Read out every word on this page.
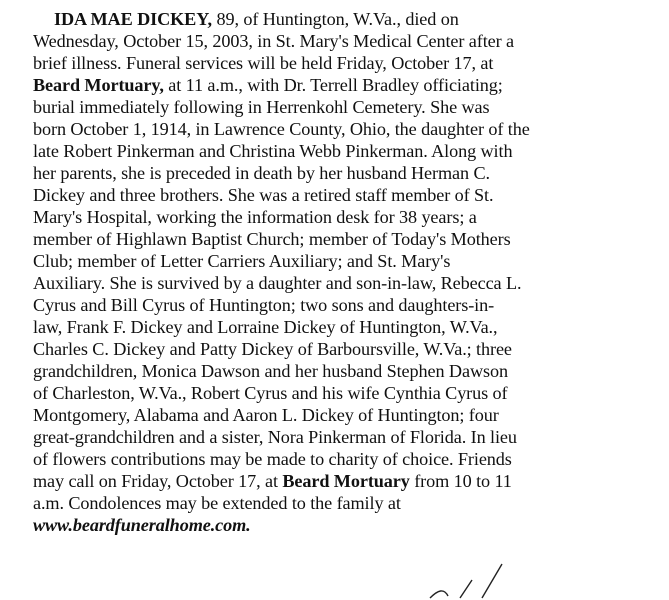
IDA MAE DICKEY, 89, of Huntington, W.Va., died on

Wednesday, October 15, 2003, in St. Mary's Medical Center after a

brief illness. Funeral services will be held Friday, October 17, at

Beard Mortuary, at 11 a.m., with Dr. Terrell Bradley officiating;

burial immediately following in Herrenkohl Cemetery. She was

born October 1, 1914, in Lawrence County, Ohio, the daughter of the

late Robert Pinkerman and Christina Webb Pinkerman. Along with

her parents, she is preceded in death by her husband Herman C.

Dickey and three brothers. She was a retired staff member of St.

Mary's Hospital, working the information desk for 38 years; a

member of Highlawn Baptist Church; member of Today's Mothers

Club; member of Letter Carriers Auxiliary; and St. Mary's

Auxiliary. She is survived by a daughter and son-in-law, Rebecca L.

Cyrus and Bill Cyrus of Huntington; two sons and daughters-in-

law, Frank F. Dickey and Lorraine Dickey of Huntington, W.Va.,

Charles C. Dickey and Patty Dickey of Barboursville, W.Va.; three

grandchildren, Monica Dawson and her husband Stephen Dawson

of Charleston, W.Va., Robert Cyrus and his wife Cynthia Cyrus of

Montgomery, Alabama and Aaron L. Dickey of Huntington; four

great-grandchildren and a sister, Nora Pinkerman of Florida. In lieu

of flowers contributions may be made to charity of choice. Friends

may call on Friday, October 17, at Beard Mortuary from 10 to 11

a.m. Condolences may be extended to the family at

www.beardfuneralhome.com.
